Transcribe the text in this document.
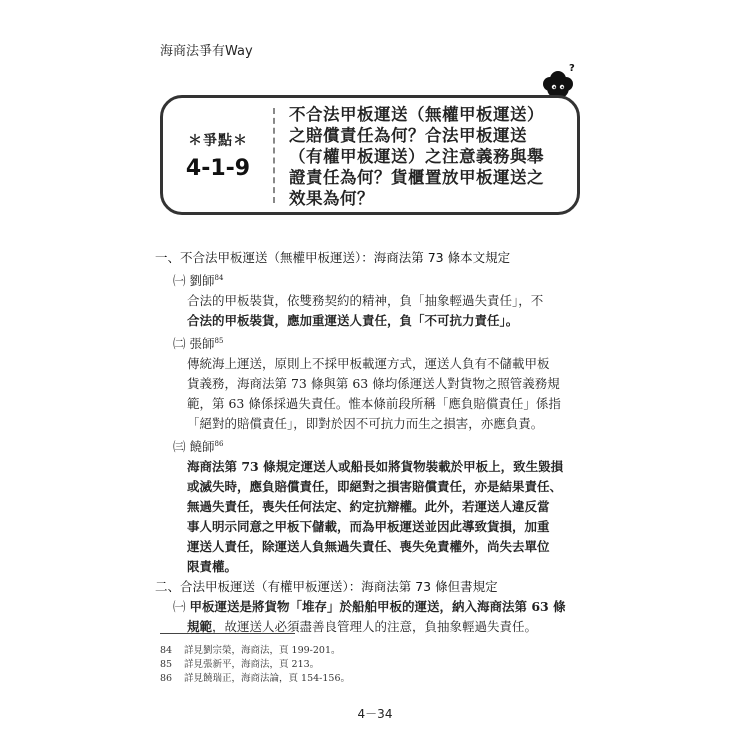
海商法爭有Way
?
＊爭點＊
4-1-9
不合法甲板運送（無權甲板運送）
之賠償責任為何？合法甲板運送
（有權甲板運送）之注意義務與舉
證責任為何？貨櫃置放甲板運送之
效果為何？
一、不合法甲板運送（無權甲板運送）：海商法第 73 條本文規定
㈠ 劉師$^{84}$
合法的甲板裝貨，依雙務契約的精神，負「抽象輕過失責任」，不
合法的甲板裝貨，應加重運送人責任，負「不可抗力責任」。
㈡ 張師$^{85}$
傳統海上運送，原則上不採甲板載運方式，運送人負有不儲載甲板
貨義務，海商法第 73 條與第 63 條均係運送人對貨物之照管義務規
範，第 63 條係採過失責任。惟本條前段所稱「應負賠償責任」係指
「絕對的賠償責任」，即對於因不可抗力而生之損害，亦應負責。
㈢ 饒師$^{86}$
海商法第 73 條規定運送人或船長如將貨物裝載於甲板上，致生毀損
或滅失時，應負賠償責任，即絕對之損害賠償責任，亦是結果責任、
無過失責任，喪失任何法定、約定抗辯權。此外，若運送人違反當
事人明示同意之甲板下儲載，而為甲板運送並因此導致貨損，加重
運送人責任，除運送人負無過失責任、喪失免責權外，尚失去單位
限責權。
二、合法甲板運送（有權甲板運送）：海商法第 73 條但書規定
㈠ 甲板運送是將貨物「堆存」於船舶甲板的運送，納入海商法第 63 條
規範，故運送人必須盡善良管理人的注意，負抽象輕過失責任。
84	詳見劉宗榮，海商法，頁 199-201。
85	詳見張新平，海商法，頁 213。
86	詳見饒瑞正，海商法論，頁 154-156。
4－34
